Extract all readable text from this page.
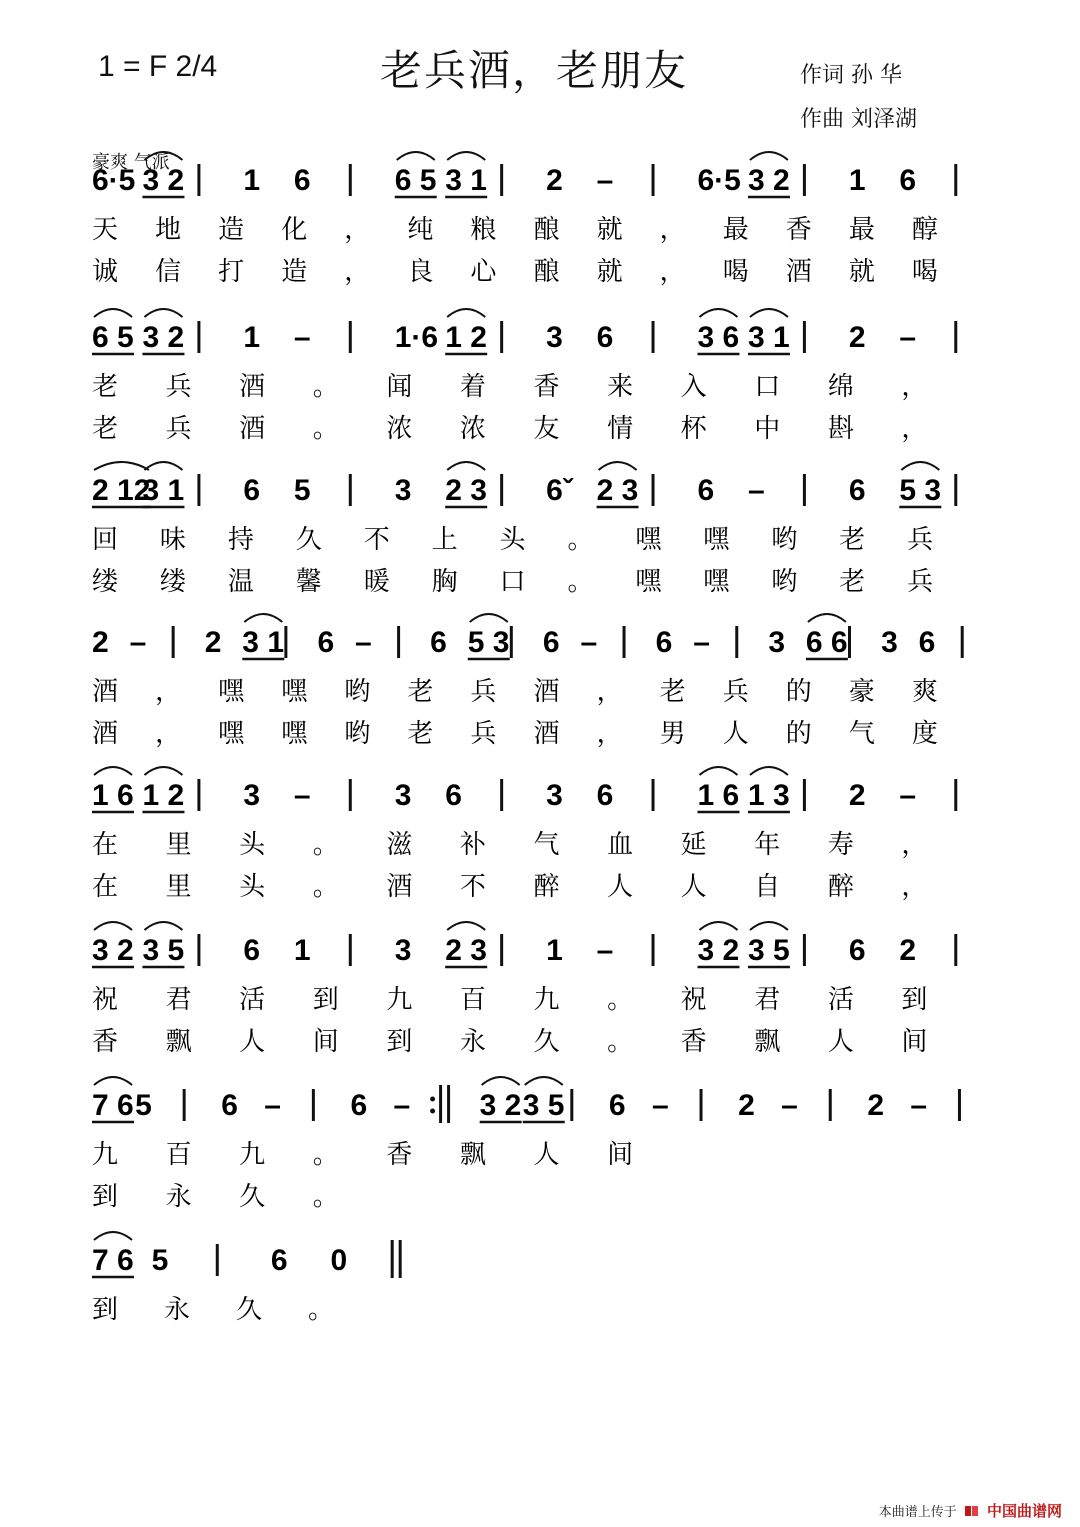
1 = F 2/4	老兵酒，老朋友	作词 孙 华
作曲 刘泽湖
豪爽 气派
6·5 3 2 1 6	6 5 3 1 2 –	6·5 3 2 1 6
天 地 造 化 ， 纯 粮 酿 就 ， 最 香 最 醇
诚 信 打 造 ， 良 心 酿 就 ， 喝 酒 就 喝
6 5 3 2 1 –	1·6 1 2 3 6	3 6 3 1 2 –
老 兵 酒 。 闻 着 香 来 入 口 绵 ，
老 兵 酒 。 浓 浓 友 情 杯 中 斟 ，
2 12
3 1 6 5	3 2 3 6ˇ 2 3 6 –	6 5 3
回 味 持 久 不 上 头 。 嘿 嘿 哟 老 兵
缕 缕 温 馨 暖 胸 口 。 嘿 嘿 哟 老 兵
2 – 2 3 1 6 – 6 5 3 6 – 6 – 3 6 6 3 6
酒 ， 嘿 嘿 哟 老 兵 酒 ， 老 兵 的 豪 爽
酒 ， 嘿 嘿 哟 老 兵 酒 ， 男 人 的 气 度
1 6 1 2 3 –	3 6	3 6	1 6 1 3 2 –
在 里 头 。 滋 补 气 血 延 年 寿 ，
在 里 头 。 酒 不 醉 人 人 自 醉 ，
3 2 3 5 6 1	3 2 3 1 –	3 2 3 5 6 2
祝 君 活 到 九 百 九 。 祝 君 活 到
香 飘 人 间 到 永 久 。 香 飘 人 间
7 6 5 6 – 6 – 3 2 3 5 6 – 2 – 2 –
九 百 九 。 香 飘 人 间
到 永 久 。
7 6 5	6 0
到 永 久 。
本曲谱上传于 中国曲谱网
